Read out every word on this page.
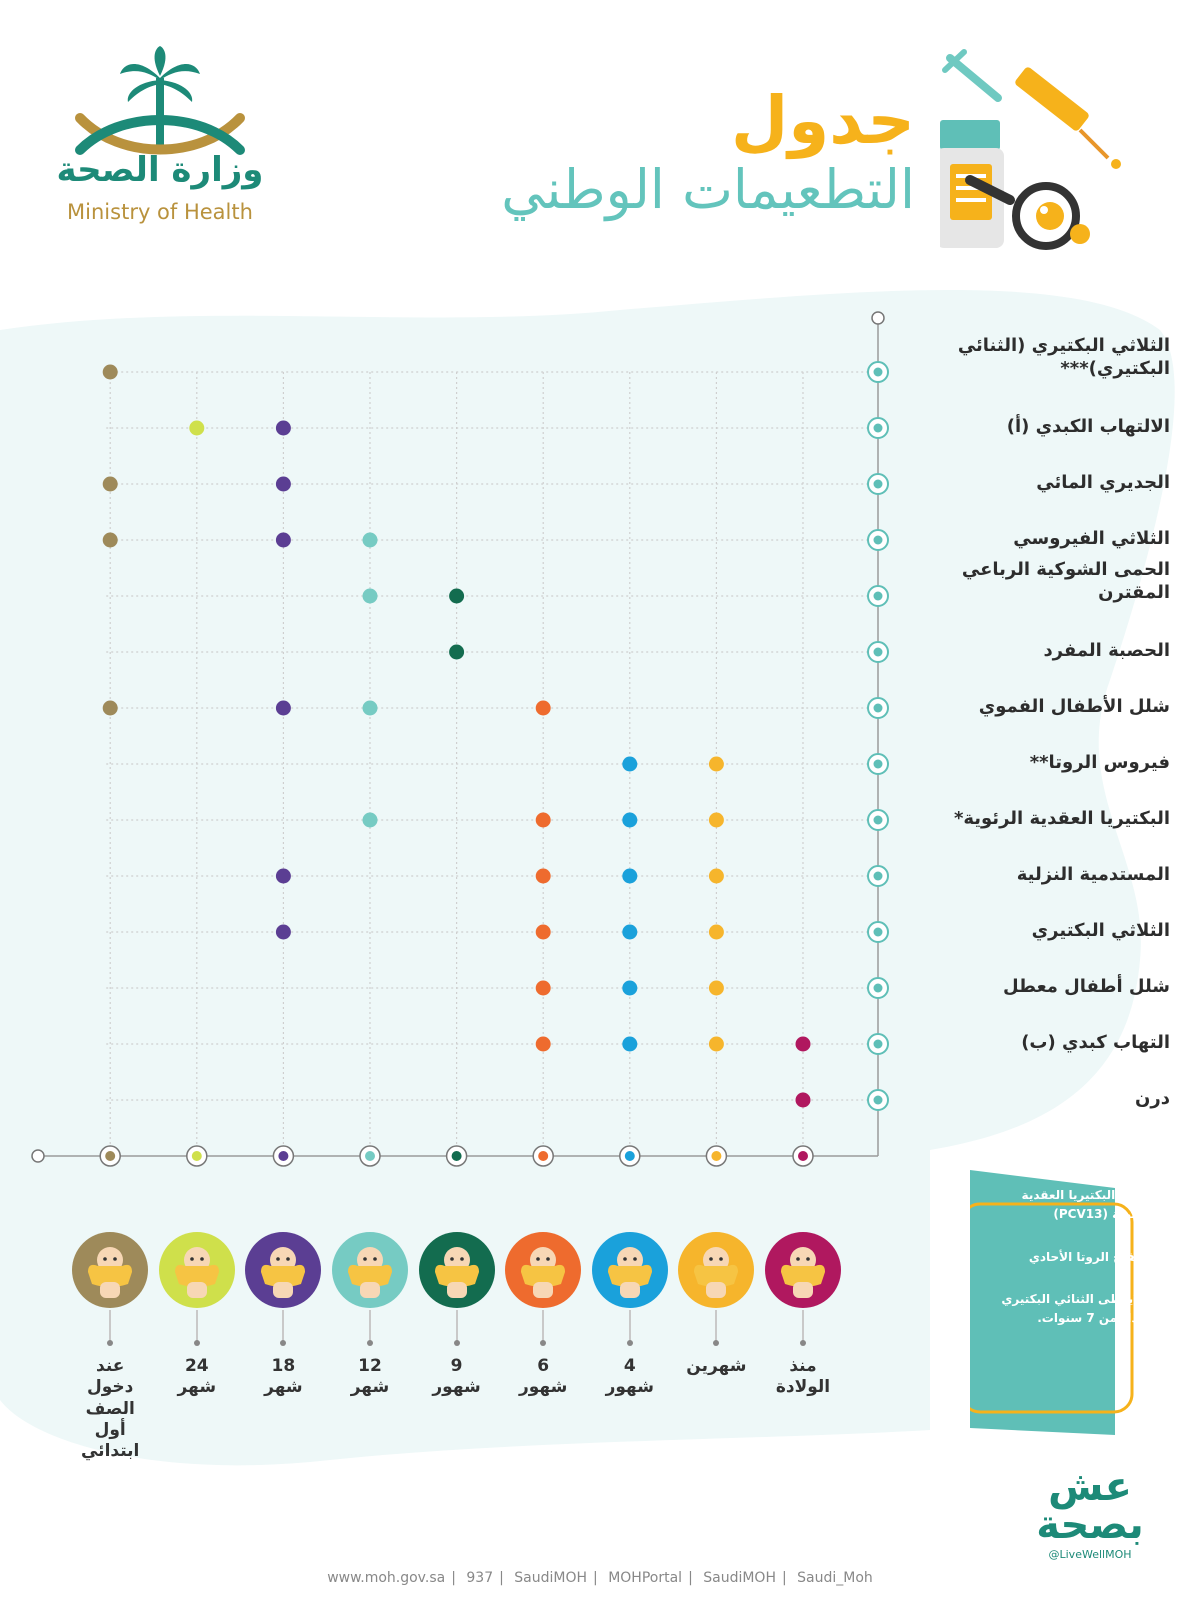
وزارة الصحة
Ministry of Health
جدول
التطعيمات الوطني
الثلاثي البكتيري (الثنائي البكتيري)***
الالتهاب الكبدي (أ)
الجديري المائي
الثلاثي الفيروسي
الحمى الشوكية الرباعي المقترن
الحصبة المفرد
شلل الأطفال الفموي
فيروس الروتا**
البكتيريا العقدية الرئوية*
المستدمية النزلية
الثلاثي البكتيري
شلل أطفال معطل
التهاب كبدي (ب)
درن
منذ
الولادة
شهرين
4
شهور
6
شهور
9
شهور
12
شهر
18
شهر
24
شهر
عند
دخول
الصف
أول
ابتدائي
*لقاح البكتيريا العقدية الرئوية (PCV13)
**لقاح الروتا الأحادي
***يعطى الثنائي البكتيري ابتداء من 7 سنوات.
عش بصحة
@LiveWellMOH
www.moh.gov.sa | 937 | SaudiMOH | MOHPortal | SaudiMOH | Saudi_Moh
